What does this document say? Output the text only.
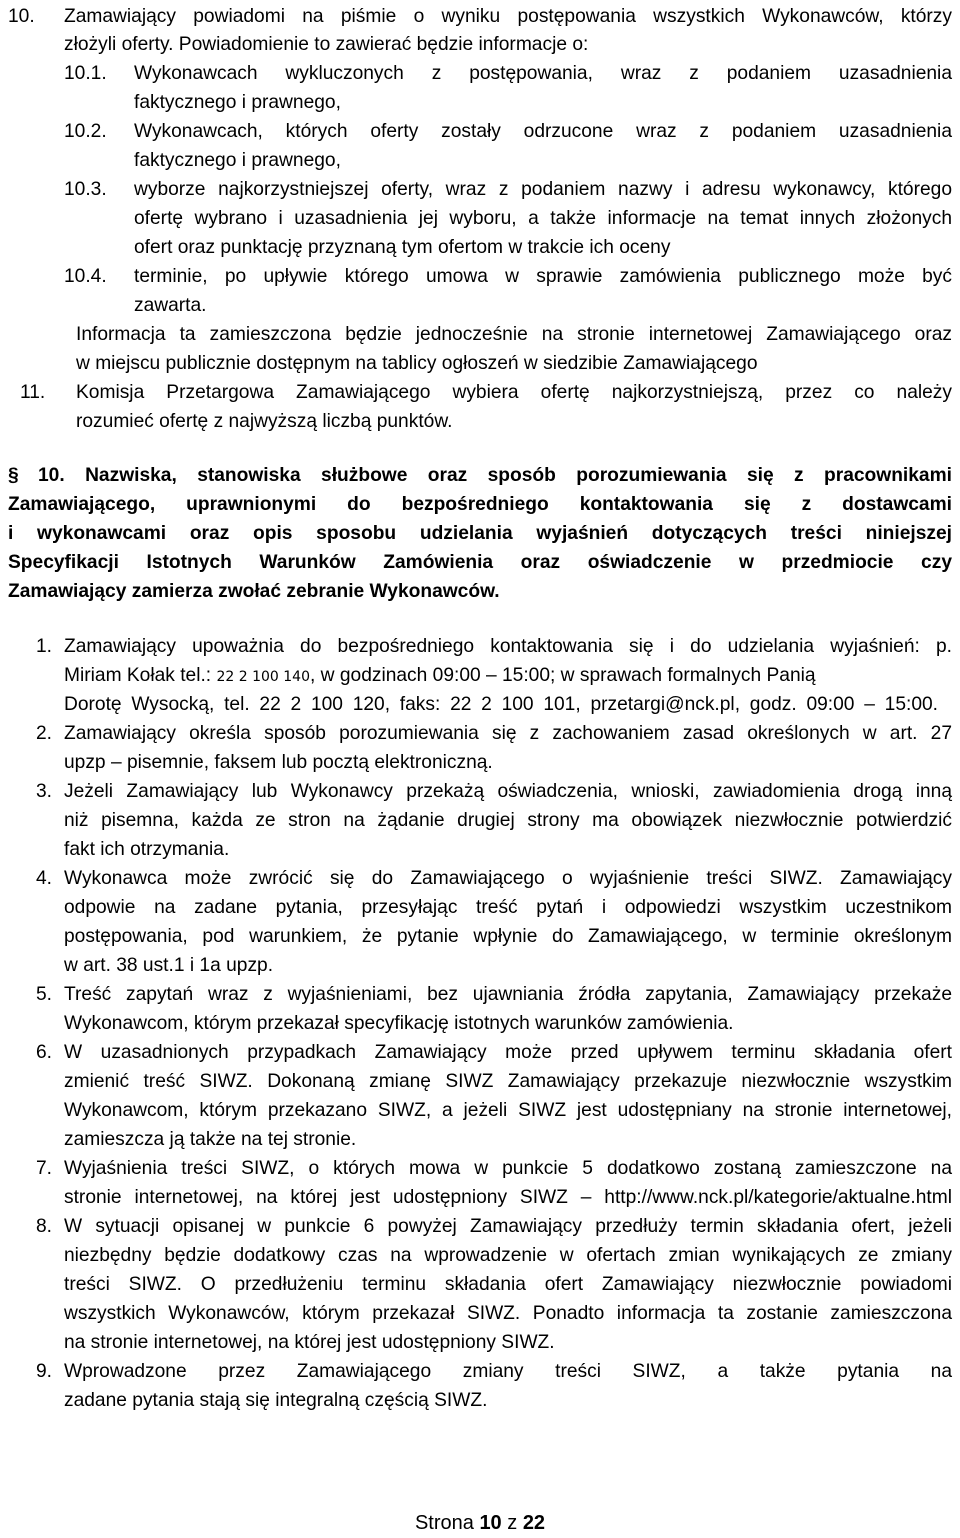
10. Zamawiający powiadomi na piśmie o wyniku postępowania wszystkich Wykonawców, którzy
złożyli oferty. Powiadomienie to zawierać będzie informacje o:
10.1. Wykonawcach wykluczonych z postępowania, wraz z podaniem uzasadnienia
faktycznego i prawnego,
10.2. Wykonawcach, których oferty zostały odrzucone wraz z podaniem uzasadnienia
faktycznego i prawnego,
10.3. wyborze najkorzystniejszej oferty, wraz z podaniem nazwy i adresu wykonawcy, którego
ofertę wybrano i uzasadnienia jej wyboru, a także informacje na temat innych złożonych
ofert oraz punktację przyznaną tym ofertom w trakcie ich oceny
10.4. terminie, po upływie którego umowa w sprawie zamówienia publicznego może być
zawarta.
Informacja ta zamieszczona będzie jednocześnie na stronie internetowej Zamawiającego oraz
w miejscu publicznie dostępnym na tablicy ogłoszeń w siedzibie Zamawiającego
11. Komisja Przetargowa Zamawiającego wybiera ofertę najkorzystniejszą, przez co należy
rozumieć ofertę z najwyższą liczbą punktów.
§ 10. Nazwiska, stanowiska służbowe oraz sposób porozumiewania się z pracownikami
Zamawiającego, uprawnionymi do bezpośredniego kontaktowania się z dostawcami
i wykonawcami oraz opis sposobu udzielania wyjaśnień dotyczących treści niniejszej
Specyfikacji Istotnych Warunków Zamówienia oraz oświadczenie w przedmiocie czy
Zamawiający zamierza zwołać zebranie Wykonawców.
1. Zamawiający upoważnia do bezpośredniego kontaktowania się i do udzielania wyjaśnień: p.
Miriam Kołak tel.: 22 2 100 140, w godzinach 09:00 – 15:00; w sprawach formalnych Panią
Dorotę Wysocką, tel. 22 2 100 120, faks: 22 2 100 101, przetargi@nck.pl, godz. 09:00 – 15:00.
2. Zamawiający określa sposób porozumiewania się z zachowaniem zasad określonych w art. 27
upzp – pisemnie, faksem lub pocztą elektroniczną.
3. Jeżeli Zamawiający lub Wykonawcy przekażą oświadczenia, wnioski, zawiadomienia drogą inną
niż pisemna, każda ze stron na żądanie drugiej strony ma obowiązek niezwłocznie potwierdzić
fakt ich otrzymania.
4. Wykonawca może zwrócić się do Zamawiającego o wyjaśnienie treści SIWZ. Zamawiający
odpowie na zadane pytania, przesyłając treść pytań i odpowiedzi wszystkim uczestnikom
postępowania, pod warunkiem, że pytanie wpłynie do Zamawiającego, w terminie określonym
w art. 38 ust.1 i 1a upzp.
5. Treść zapytań wraz z wyjaśnieniami, bez ujawniania źródła zapytania, Zamawiający przekaże
Wykonawcom, którym przekazał specyfikację istotnych warunków zamówienia.
6. W uzasadnionych przypadkach Zamawiający może przed upływem terminu składania ofert
zmienić treść SIWZ. Dokonaną zmianę SIWZ Zamawiający przekazuje niezwłocznie wszystkim
Wykonawcom, którym przekazano SIWZ, a jeżeli SIWZ jest udostępniany na stronie internetowej,
zamieszcza ją także na tej stronie.
7. Wyjaśnienia treści SIWZ, o których mowa w punkcie 5 dodatkowo zostaną zamieszczone na
stronie internetowej, na której jest udostępniony SIWZ – http://www.nck.pl/kategorie/aktualne.html
8. W sytuacji opisanej w punkcie 6 powyżej Zamawiający przedłuży termin składania ofert, jeżeli
niezbędny będzie dodatkowy czas na wprowadzenie w ofertach zmian wynikających ze zmiany
treści SIWZ. O przedłużeniu terminu składania ofert Zamawiający niezwłocznie powiadomi
wszystkich Wykonawców, którym przekazał SIWZ. Ponadto informacja ta zostanie zamieszczona
na stronie internetowej, na której jest udostępniony SIWZ.
9. Wprowadzone przez Zamawiającego zmiany treści SIWZ, a także pytania na
zadane pytania stają się integralną częścią SIWZ.
Strona 10 z 22
